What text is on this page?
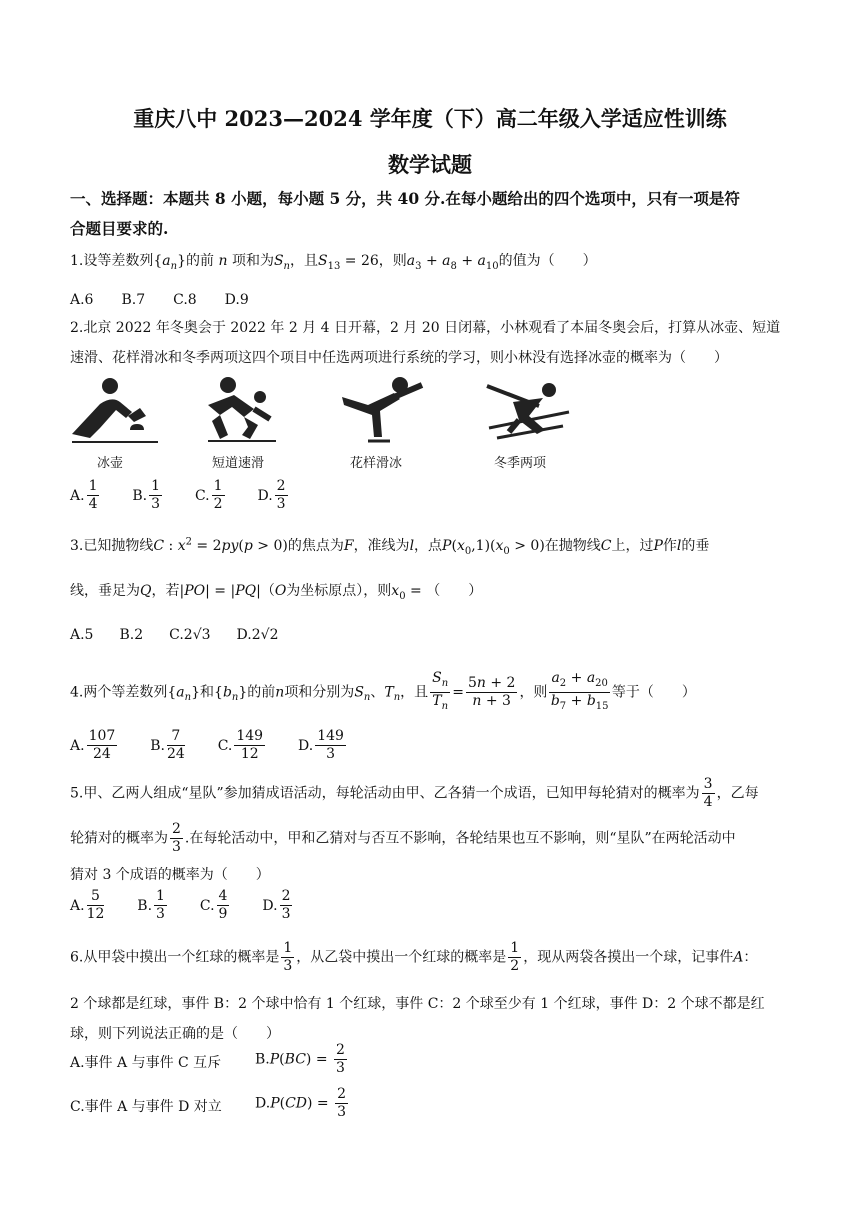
重庆八中 2023—2024 学年度（下）高二年级入学适应性训练
数学试题
一、选择题：本题共 8 小题，每小题 5 分，共 40 分.在每小题给出的四个选项中，只有一项是符
合题目要求的.
1.设等差数列$\{a_n\}$的前 n 项和为$S_n$，且$S_{13} = 26$，则$a_3 + a_8 + a_{10}$的值为（　　）
A.6　　B.7　　C.8　　D.9
2.北京 2022 年冬奥会于 2022 年 2 月 4 日开幕，2 月 20 日闭幕，小林观看了本届冬奥会后，打算从冰壶、短道
速滑、花样滑冰和冬季两项这四个项目中任选两项进行系统的学习，则小林没有选择冰壶的概率为（　　）
冰壶	短道速滑	花样滑冰	冬季两项
A. $\frac{1}{4} B$. $\frac{1}{3} C$. $\frac{1}{2} D$. $\frac{2}{3}$
3.已知抛物线C : $x^2 = 2py(p > 0)$的焦点为F，准线为l，点$P(x_0,1)(x_0 > 0)$在抛物线C上，过P作l的垂
线，垂足为Q，若|PO| = |PQ|（O为坐标原点），则$x_0$ = （　　）
A.5 B.2 C.2√3 D.2√2
4.两个等差数列$\{a_n\}$和$\{b_n\}$的前n项和分别为$S_n$、$T_n$，且 $\frac{S_n}{T_n} = \frac{5n + 2}{n + 3}$ ，则 $\frac{a_2 + a_{20}}{b_7 + b_{15}}$ 等于（　　）
A. $\frac{107}{24} B$. $\frac{7}{24} C$. $\frac{149}{12} D$. $\frac{149}{3}$
5.甲、乙两人组成“星队”参加猜成语活动，每轮活动由甲、乙各猜一个成语，已知甲每轮猜对的概率为 $\frac{3}{4}$ ，乙每
轮猜对的概率为 $\frac{2}{3}$ .在每轮活动中，甲和乙猜对与否互不影响，各轮结果也互不影响，则“星队”在两轮活动中
猜对 3 个成语的概率为（　　）
A. $\frac{5}{12} B$. $\frac{1}{3} C$. $\frac{4}{9} D$. $\frac{2}{3}$
6.从甲袋中摸出一个红球的概率是 $\frac{1}{3}$ ，从乙袋中摸出一个红球的概率是 $\frac{1}{2}$ ，现从两袋各摸出一个球，记事件A：
2 个球都是红球，事件 B：2 个球中恰有 1 个红球，事件 C：2 个球至少有 1 个红球，事件 D：2 个球不都是红
球，则下列说法正确的是（　　）
A.事件 A 与事件 C 互斥 $B.P(BC) = \frac{2}{3}$
C.事件 A 与事件 D 对立 $D.P(CD) = \frac{2}{3}$
